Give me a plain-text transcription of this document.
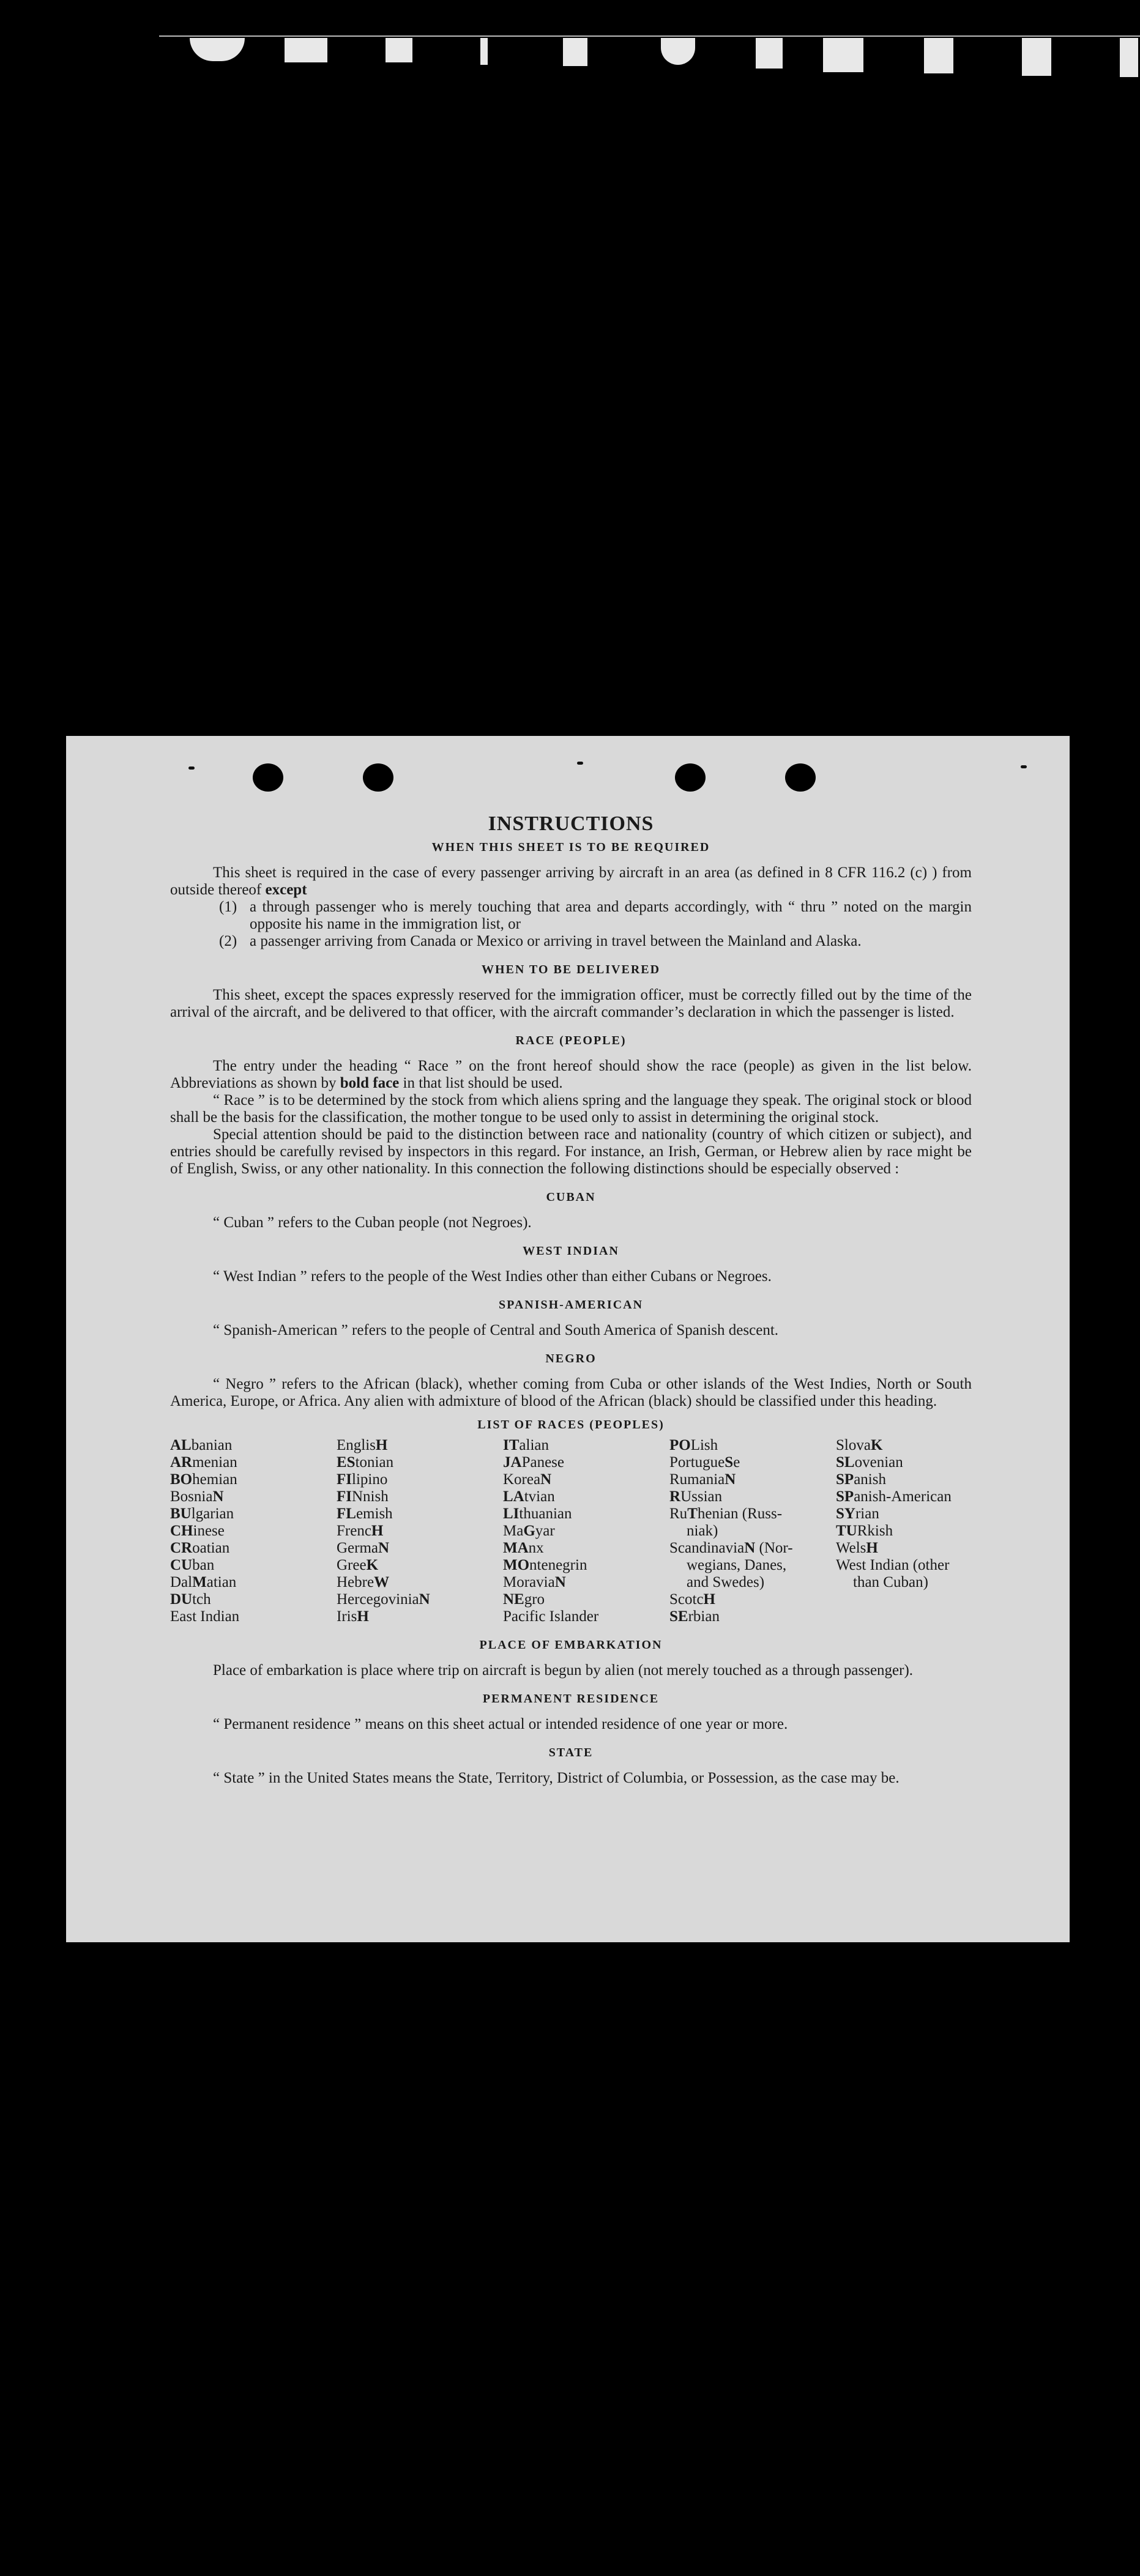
INSTRUCTIONS
WHEN THIS SHEET IS TO BE REQUIRED

This sheet is required in the case of every passenger arriving by aircraft in an area (as defined in 8 CFR 116.2 (c) ) from outside thereof except

(1) a through passenger who is merely touching that area and departs accordingly, with “ thru ” noted on the margin opposite his name in the immigration list, or
(2) a passenger arriving from Canada or Mexico or arriving in travel between the Mainland and Alaska.
WHEN TO BE DELIVERED

This sheet, except the spaces expressly reserved for the immigration officer, must be correctly filled out by the time of the arrival of the aircraft, and be delivered to that officer, with the aircraft commander’s declaration in which the passenger is listed.

RACE (PEOPLE)

The entry under the heading “ Race ” on the front hereof should show the race (people) as given in the list below. Abbreviations as shown by bold face in that list should be used.

“ Race ” is to be determined by the stock from which aliens spring and the language they speak. The original stock or blood shall be the basis for the classification, the mother tongue to be used only to assist in determining the original stock.

Special attention should be paid to the distinction between race and nationality (country of which citizen or subject), and entries should be carefully revised by inspectors in this regard. For instance, an Irish, German, or Hebrew alien by race might be of English, Swiss, or any other nationality. In this connection the following distinctions should be especially observed :

CUBAN

“ Cuban ” refers to the Cuban people (not Negroes).

WEST INDIAN

“ West Indian ” refers to the people of the West Indies other than either Cubans or Negroes.

SPANISH-AMERICAN

“ Spanish-American ” refers to the people of Central and South America of Spanish descent.

NEGRO

“ Negro ” refers to the African (black), whether coming from Cuba or other islands of the West Indies, North or South America, Europe, or Africa. Any alien with admixture of blood of the African (black) should be classified under this heading.

LIST OF RACES (PEOPLES)
ALbanian
ARmenian
BOhemian
BosniaN
BUlgarian
CHinese
CRoatian
CUban
DalMatian
DUtch
East Indian
EnglisH
EStonian
FIlipino
FINnish
FLemish
FrencH
GermaN
GreeK
HebreW
HercegoviniaN
IrisH
ITalian
JAPanese
KoreaN
LAtvian
LIthuanian
MaGyar
MAnx
MOntenegrin
MoraviaN
NEgro
Pacific Islander
POLish
PortugueSe
RumaniaN
RUssian
RuThenian (Russ-
niak)
ScandinaviaN (Nor-
wegians, Danes,
and Swedes)
ScotcH
SErbian
SlovaK
SLovenian
SPanish
SPanish-American
SYrian
TURkish
WelsH
West Indian (other
than Cuban)
PLACE OF EMBARKATION

Place of embarkation is place where trip on aircraft is begun by alien (not merely touched as a through passenger).

PERMANENT RESIDENCE

“ Permanent residence ” means on this sheet actual or intended residence of one year or more.

STATE

“ State ” in the United States means the State, Territory, District of Columbia, or Possession, as the case may be.
